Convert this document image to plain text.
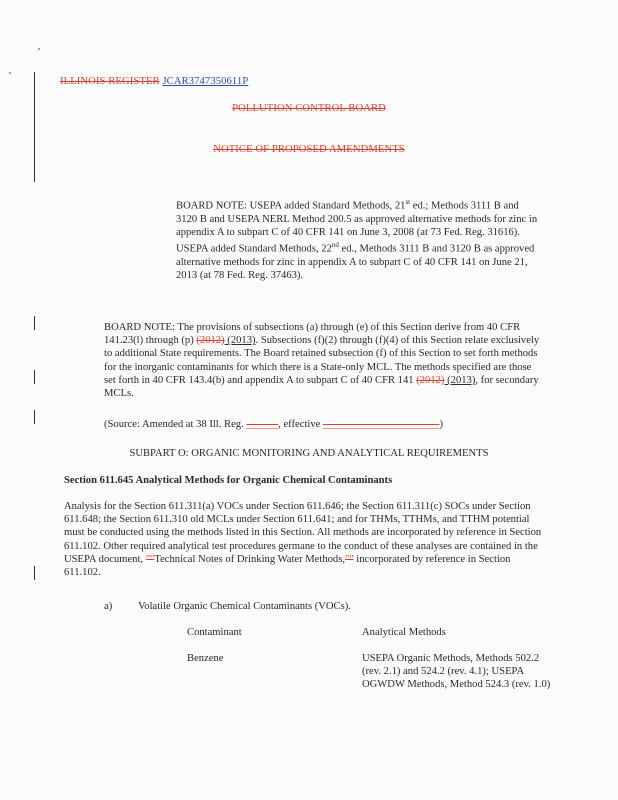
ILLINOIS REGISTER JCAR3747350611P
POLLUTION CONTROL BOARD
NOTICE OF PROPOSED AMENDMENTS

BOARD NOTE: USEPA added Standard Methods, 21st ed.; Methods 3111 B and 3120 B and USEPA NERL Method 200.5 as approved alternative methods for zinc in appendix A to subpart C of 40 CFR 141 on June 3, 2008 (at 73 Fed. Reg. 31616). USEPA added Standard Methods, 22nd ed., Methods 3111 B and 3120 B as approved alternative methods for zinc in appendix A to subpart C of 40 CFR 141 on June 21, 2013 (at 78 Fed. Reg. 37463).

BOARD NOTE: The provisions of subsections (a) through (e) of this Section derive from 40 CFR 141.23(l) through (p) (2012) (2013). Subsections (f)(2) through (f)(4) of this Section relate exclusively to additional State requirements. The Board retained subsection (f) of this Section to set forth methods for the inorganic contaminants for which there is a State-only MCL. The methods specified are those set forth in 40 CFR 143.4(b) and appendix A to subpart C of 40 CFR 141 (2012) (2013), for secondary MCLs.

(Source: Amended at 38 Ill. Reg. ______, effective ______________________)

SUBPART O: ORGANIC MONITORING AND ANALYTICAL REQUIREMENTS

Section 611.645 Analytical Methods for Organic Chemical Contaminants

Analysis for the Section 611.311(a) VOCs under Section 611.646; the Section 611.311(c) SOCs under Section 611.648; the Section 611.310 old MCLs under Section 611.641; and for THMs, TTHMs, and TTHM potential must be conducted using the methods listed in this Section. All methods are incorporated by reference in Section 611.102. Other required analytical test procedures germane to the conduct of these analyses are contained in the USEPA document, ""Technical Notes of Drinking Water Methods,"" incorporated by reference in Section 611.102.

a) Volatile Organic Chemical Contaminants (VOCs).

Contaminant	Analytical Methods

Benzene	USEPA Organic Methods, Methods 502.2 (rev. 2.1) and 524.2 (rev. 4.1); USEPA OGWDW Methods, Method 524.3 (rev. 1.0)
